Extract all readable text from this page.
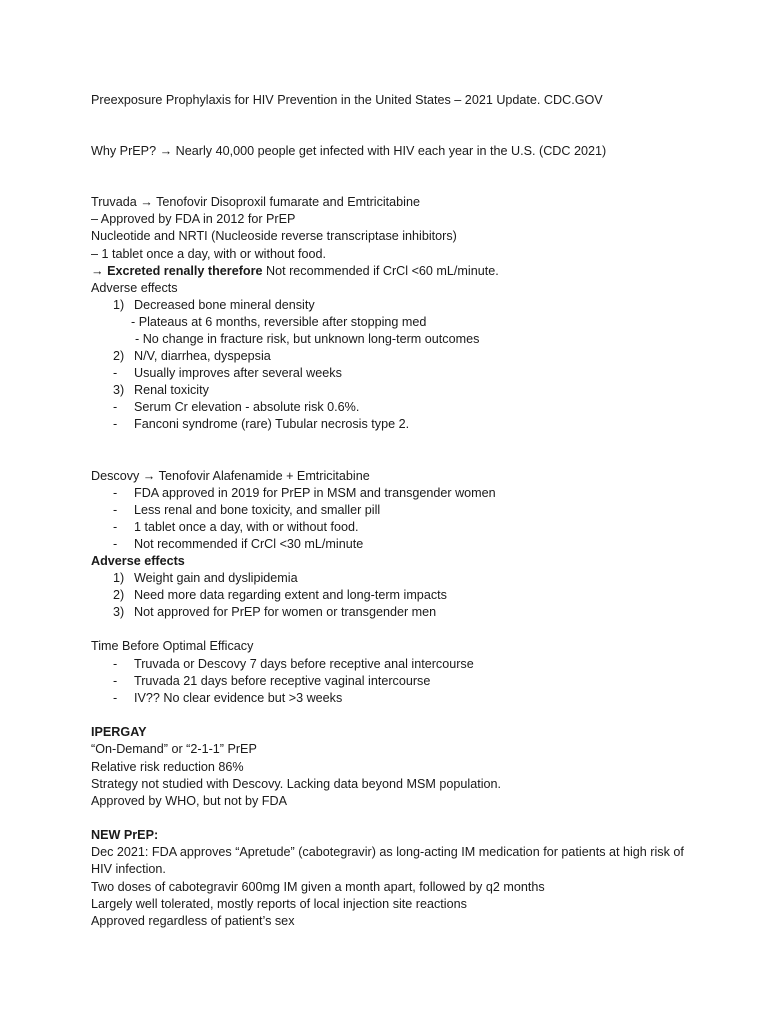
Preexposure Prophylaxis for HIV Prevention in the United States – 2021 Update. CDC.GOV
Why PrEP? → Nearly 40,000 people get infected with HIV each year in the U.S. (CDC 2021)
Truvada → Tenofovir Disoproxil fumarate and Emtricitabine
– Approved by FDA in 2012 for PrEP
Nucleotide and NRTI (Nucleoside reverse transcriptase inhibitors)
– 1 tablet once a day, with or without food.
→ Excreted renally therefore Not recommended if CrCl <60 mL/minute.
Adverse effects
1) Decreased bone mineral density
- Plateaus at 6 months, reversible after stopping med
- No change in fracture risk, but unknown long-term outcomes
2) N/V, diarrhea, dyspepsia
- Usually improves after several weeks
3) Renal toxicity
- Serum Cr elevation - absolute risk 0.6%.
- Fanconi syndrome (rare) Tubular necrosis type 2.
Descovy → Tenofovir Alafenamide + Emtricitabine
- FDA approved in 2019 for PrEP in MSM and transgender women
- Less renal and bone toxicity, and smaller pill
- 1 tablet once a day, with or without food.
- Not recommended if CrCl <30 mL/minute
Adverse effects
1) Weight gain and dyslipidemia
2) Need more data regarding extent and long-term impacts
3) Not approved for PrEP for women or transgender men
Time Before Optimal Efficacy
- Truvada or Descovy 7 days before receptive anal intercourse
- Truvada 21 days before receptive vaginal intercourse
- IV?? No clear evidence but >3 weeks
IPERGAY
“On-Demand” or “2-1-1” PrEP
Relative risk reduction 86%
Strategy not studied with Descovy. Lacking data beyond MSM population.
Approved by WHO, but not by FDA
NEW PrEP:
Dec 2021: FDA approves “Apretude” (cabotegravir) as long-acting IM medication for patients at high risk of HIV infection.
Two doses of cabotegravir 600mg IM given a month apart, followed by q2 months
Largely well tolerated, mostly reports of local injection site reactions
Approved regardless of patient’s sex
